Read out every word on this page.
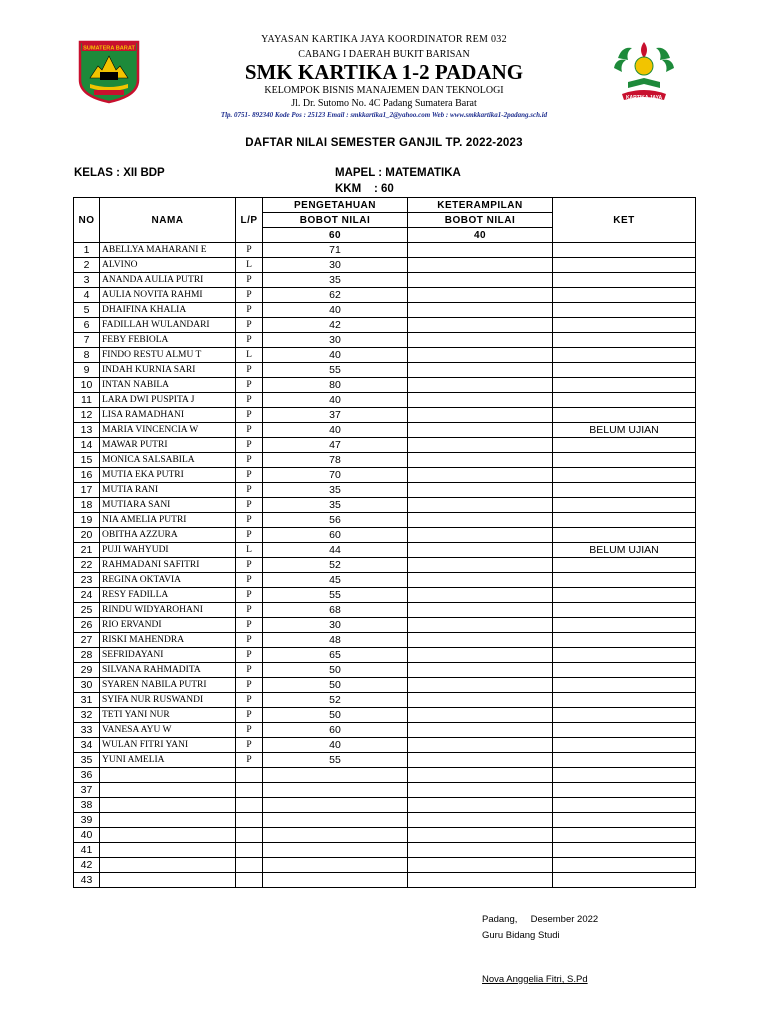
SUMATERA BARAT
KARTIKA JAYA
YAYASAN KARTIKA JAYA KOORDINATOR REM 032
CABANG I DAERAH BUKIT BARISAN
SMK KARTIKA 1-2 PADANG
KELOMPOK BISNIS MANAJEMEN DAN TEKNOLOGI
Jl. Dr. Sutomo No. 4C Padang Sumatera Barat
Tlp. 0751- 892340 Kode Pos : 25123 Email : smkkartika1_2@yahoo.com Web : www.smkkartika1-2padang.sch.id
DAFTAR NILAI SEMESTER GANJIL TP. 2022-2023
KELAS : XII BDP	MAPEL : MATEMATIKA
KKM    : 60
NO	NAMA	L/P	PENGETAHUAN	KETERAMPILAN	KET
			BOBOT NILAI	BOBOT NILAI	
			60	40	
1	ABELLYA MAHARANI E	P	71		
2	ALVINO	L	30		
3	ANANDA AULIA PUTRI	P	35		
4	AULIA NOVITA RAHMI	P	62		
5	DHAIFINA KHALIA	P	40		
6	FADILLAH WULANDARI	P	42		
7	FEBY FEBIOLA	P	30		
8	FINDO RESTU ALMU T	L	40		
9	INDAH KURNIA SARI	P	55		
10	INTAN NABILA	P	80		
11	LARA DWI PUSPITA J	P	40		
12	LISA RAMADHANI	P	37		
13	MARIA VINCENCIA W	P	40		BELUM UJIAN
14	MAWAR PUTRI	P	47		
15	MONICA SALSABILA	P	78		
16	MUTIA EKA PUTRI	P	70		
17	MUTIA RANI	P	35		
18	MUTIARA SANI	P	35		
19	NIA AMELIA PUTRI	P	56		
20	OBITHA AZZURA	P	60		
21	PUJI WAHYUDI	L	44		BELUM UJIAN
22	RAHMADANI SAFITRI	P	52		
23	REGINA OKTAVIA	P	45		
24	RESY FADILLA	P	55		
25	RINDU WIDYAROHANI	P	68		
26	RIO ERVANDI	P	30		
27	RISKI MAHENDRA	P	48		
28	SEFRIDAYANI	P	65		
29	SILVANA RAHMADITA	P	50		
30	SYAREN NABILA PUTRI	P	50		
31	SYIFA NUR RUSWANDI	P	52		
32	TETI YANI NUR	P	50		
33	VANESA AYU W	P	60		
34	WULAN FITRI YANI	P	40		
35	YUNI AMELIA	P	55		
36					
37					
38					
39					
40					
41					
42					
43					
Padang,     Desember 2022
Guru Bidang Studi
Nova Anggelia Fitri, S.Pd
